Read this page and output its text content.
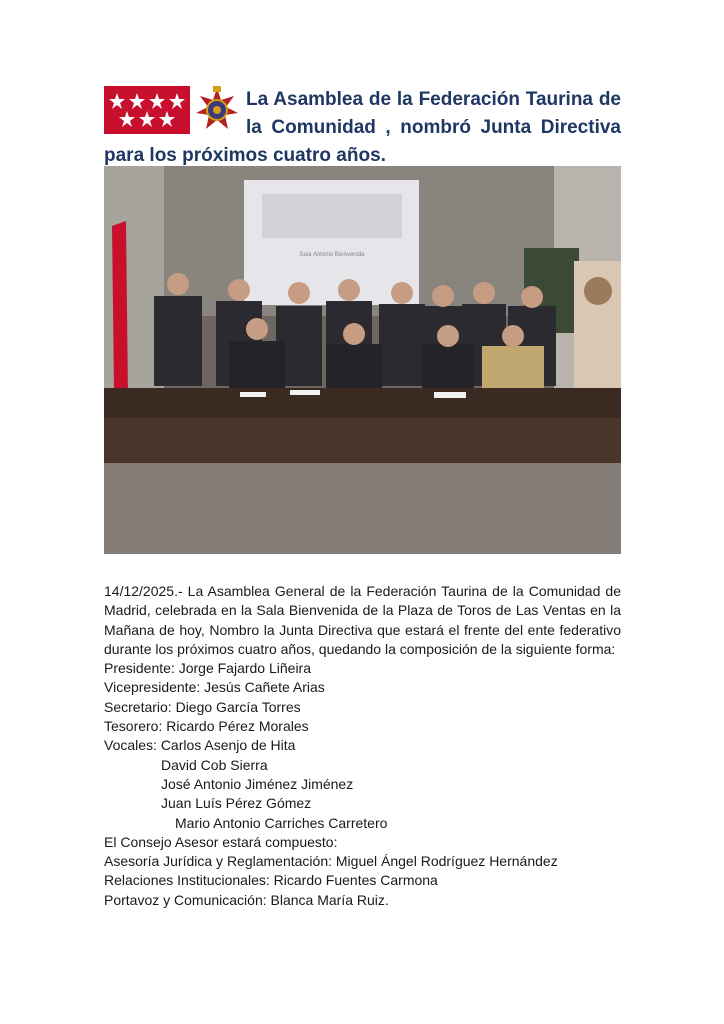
La Asamblea de la Federación Taurina de la Comunidad , nombró Junta Directiva para los próximos cuatro años.

Sala Antonio Bienvenida

14/12/2025.- La Asamblea General de la Federación Taurina de la Comunidad de Madrid, celebrada en la Sala Bienvenida de la Plaza de Toros de Las Ventas en la Mañana de hoy, Nombro la Junta Directiva que estará el frente del ente federativo durante los próximos cuatro años, quedando la composición de la siguiente forma:

Presidente: Jorge Fajardo Liñeira

Vicepresidente: Jesús Cañete Arias

Secretario: Diego García Torres

Tesorero: Ricardo Pérez Morales

Vocales: Carlos Asenjo de Hita

David Cob Sierra

José Antonio Jiménez Jiménez

Juan Luís Pérez Gómez

Mario Antonio Carriches Carretero

El Consejo Asesor estará compuesto:

Asesoría Jurídica y Reglamentación: Miguel Ángel Rodríguez Hernández

Relaciones Institucionales: Ricardo Fuentes Carmona

Portavoz y Comunicación: Blanca María Ruiz.
